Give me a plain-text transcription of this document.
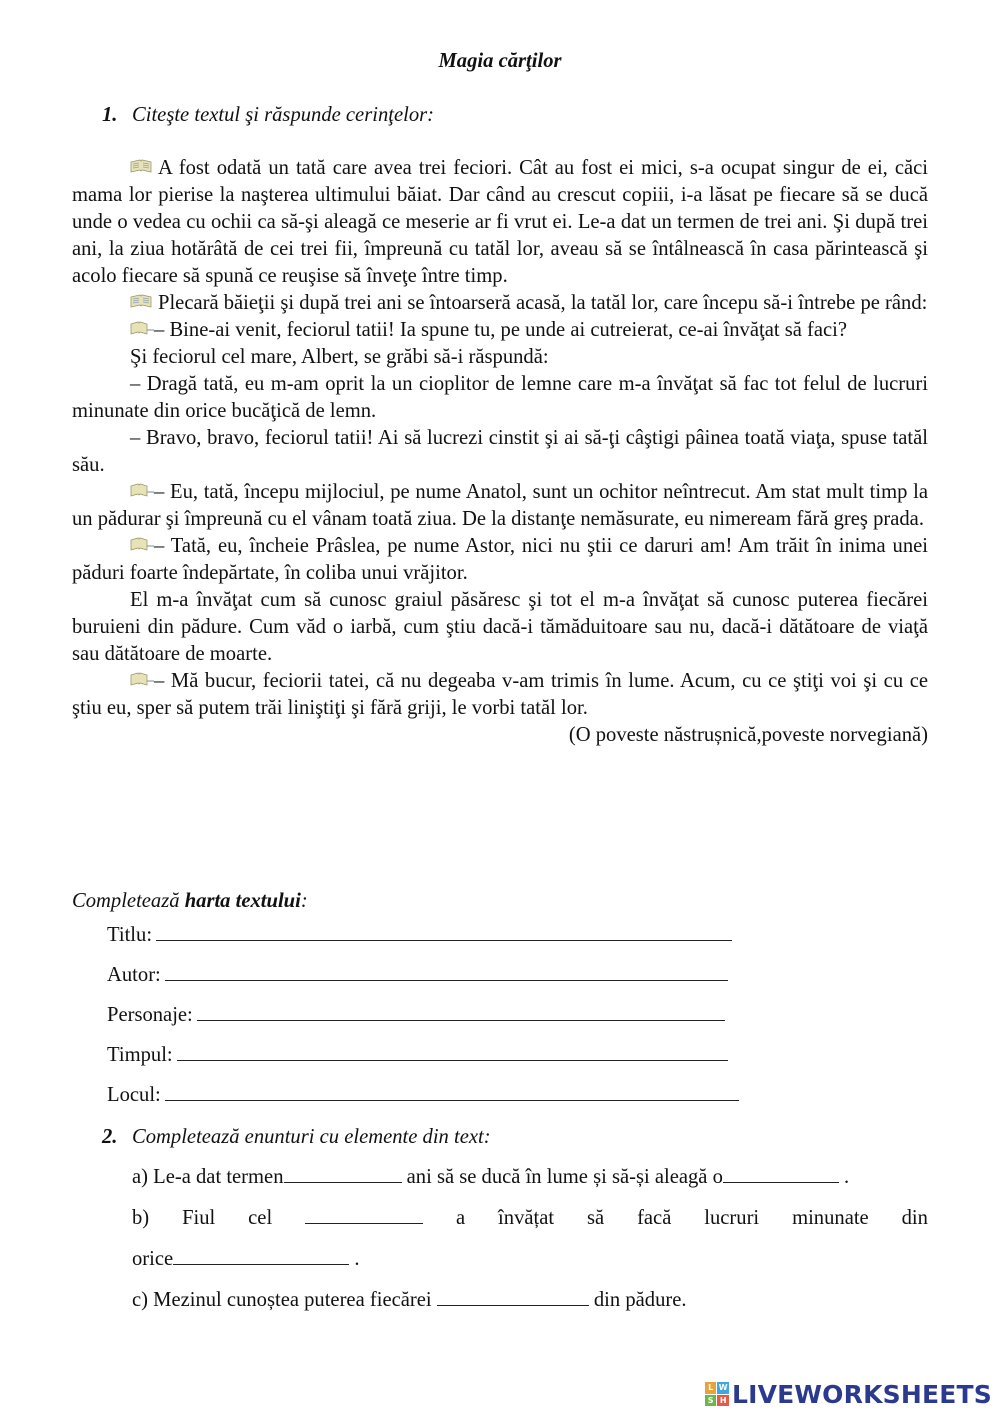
Magia cărţilor
1. Citeşte textul şi răspunde cerinţelor:

A fost odată un tată care avea trei feciori. Cât au fost ei mici, s-a ocupat singur de ei, căci mama lor pierise la naşterea ultimului băiat. Dar când au crescut copiii, i-a lăsat pe fiecare să se ducă unde o vedea cu ochii ca să-şi aleagă ce meserie ar fi vrut ei. Le-a dat un termen de trei ani. Şi după trei ani, la ziua hotărâtă de cei trei fii, împreună cu tatăl lor, aveau să se întâlnească în casa părintească şi acolo fiecare să spună ce reuşise să înveţe între timp.

Plecară băieţii şi după trei ani se întoarseră acasă, la tatăl lor, care începu să-i întrebe pe rând:

– Bine-ai venit, feciorul tatii! Ia spune tu, pe unde ai cutreierat, ce-ai învăţat să faci?

Şi feciorul cel mare, Albert, se grăbi să-i răspundă:

– Dragă tată, eu m-am oprit la un cioplitor de lemne care m-a învăţat să fac tot felul de lucruri minunate din orice bucăţică de lemn.

– Bravo, bravo, feciorul tatii! Ai să lucrezi cinstit şi ai să-ţi câştigi pâinea toată viaţa, spuse tatăl său.

– Eu, tată, începu mijlociul, pe nume Anatol, sunt un ochitor neîntrecut. Am stat mult timp la un pădurar şi împreună cu el vânam toată ziua. De la distanţe nemăsurate, eu nimeream fără greş prada.

– Tată, eu, încheie Prâslea, pe nume Astor, nici nu ştii ce daruri am! Am trăit în inima unei păduri foarte îndepărtate, în coliba unui vrăjitor.

El m-a învăţat cum să cunosc graiul păsăresc şi tot el m-a învăţat să cunosc puterea fiecărei buruieni din pădure. Cum văd o iarbă, cum ştiu dacă-i tămăduitoare sau nu, dacă-i dătătoare de viaţă sau dătătoare de moarte.

– Mă bucur, feciorii tatei, că nu degeaba v-am trimis în lume. Acum, cu ce ştiţi voi şi cu ce ştiu eu, sper să putem trăi liniştiţi şi fără griji, le vorbi tatăl lor.

(O poveste năstrușnică,poveste norvegiană)

Completează harta textului:
Titlu:
Autor:
Personaje:
Timpul:
Locul:
2. Completează enunturi cu elemente din text:
a) Le-a dat termen	ani să se ducă în lume și să-și aleagă o	.
b) Fiul cel	a învățat să facă lucruri minunate din
orice	.
c) Mezinul cunoștea puterea fiecărei	din pădure.
L W
S H LIVEWORKSHEETS
